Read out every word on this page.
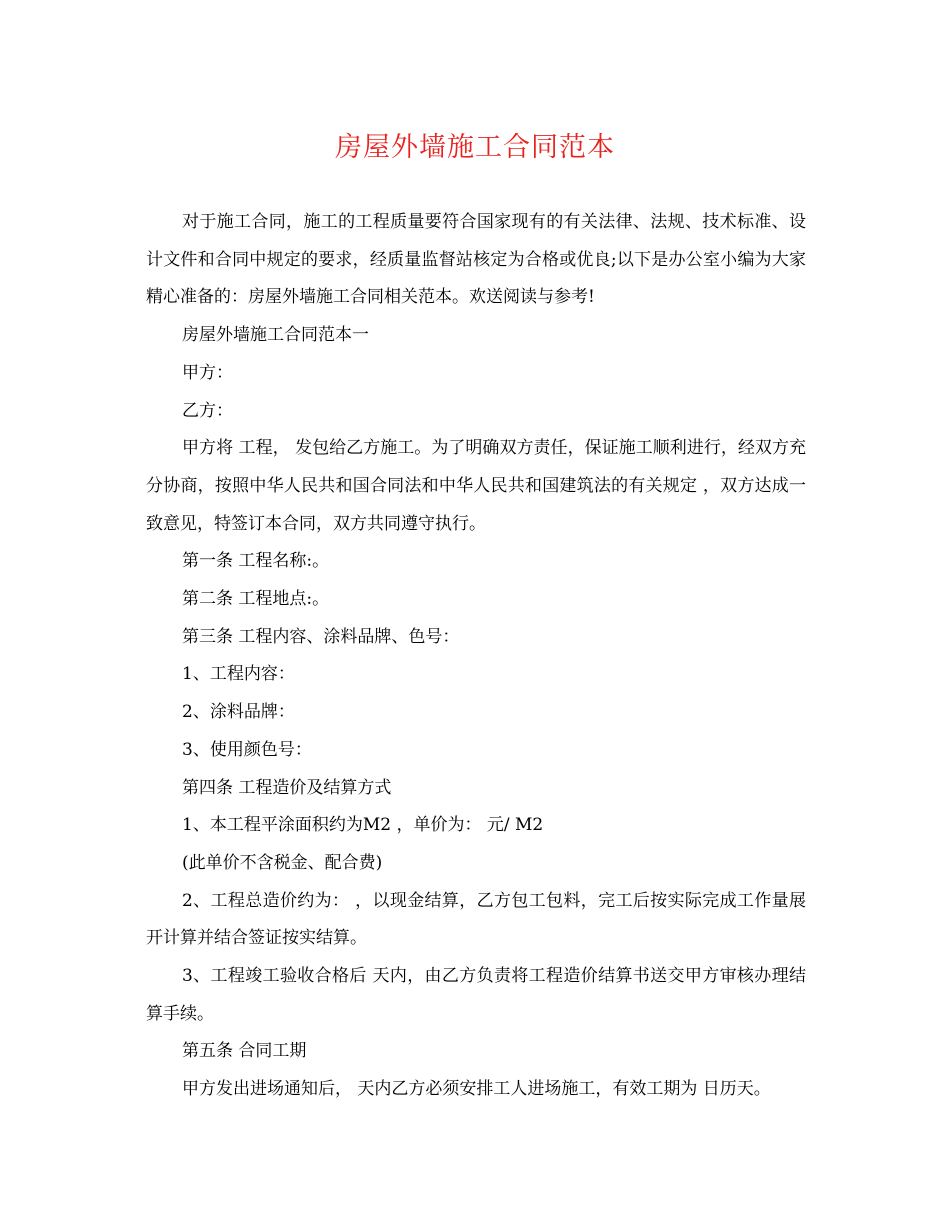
房屋外墙施工合同范本

对于施工合同，施工的工程质量要符合国家现有的有关法律、法规、技术标准、设计文件和合同中规定的要求，经质量监督站核定为合格或优良;以下是办公室小编为大家精心准备的：房屋外墙施工合同相关范本。欢送阅读与参考!

房屋外墙施工合同范本一

甲方：

乙方：

甲方将 工程， 发包给乙方施工。为了明确双方责任，保证施工顺利进行，经双方充分协商，按照中华人民共和国合同法和中华人民共和国建筑法的有关规定 ，双方达成一致意见，特签订本合同，双方共同遵守执行。

第一条 工程名称:。

第二条 工程地点:。

第三条 工程内容、涂料品牌、色号：

1、工程内容：

2、涂料品牌：

3、使用颜色号：

第四条 工程造价及结算方式

1、本工程平涂面积约为M2 ，单价为： 元/ M2

(此单价不含税金、配合费)

2、工程总造价约为： ，以现金结算，乙方包工包料，完工后按实际完成工作量展开计算并结合签证按实结算。

3、工程竣工验收合格后 天内，由乙方负责将工程造价结算书送交甲方审核办理结算手续。

第五条 合同工期

甲方发出进场通知后， 天内乙方必须安排工人进场施工，有效工期为 日历天。
